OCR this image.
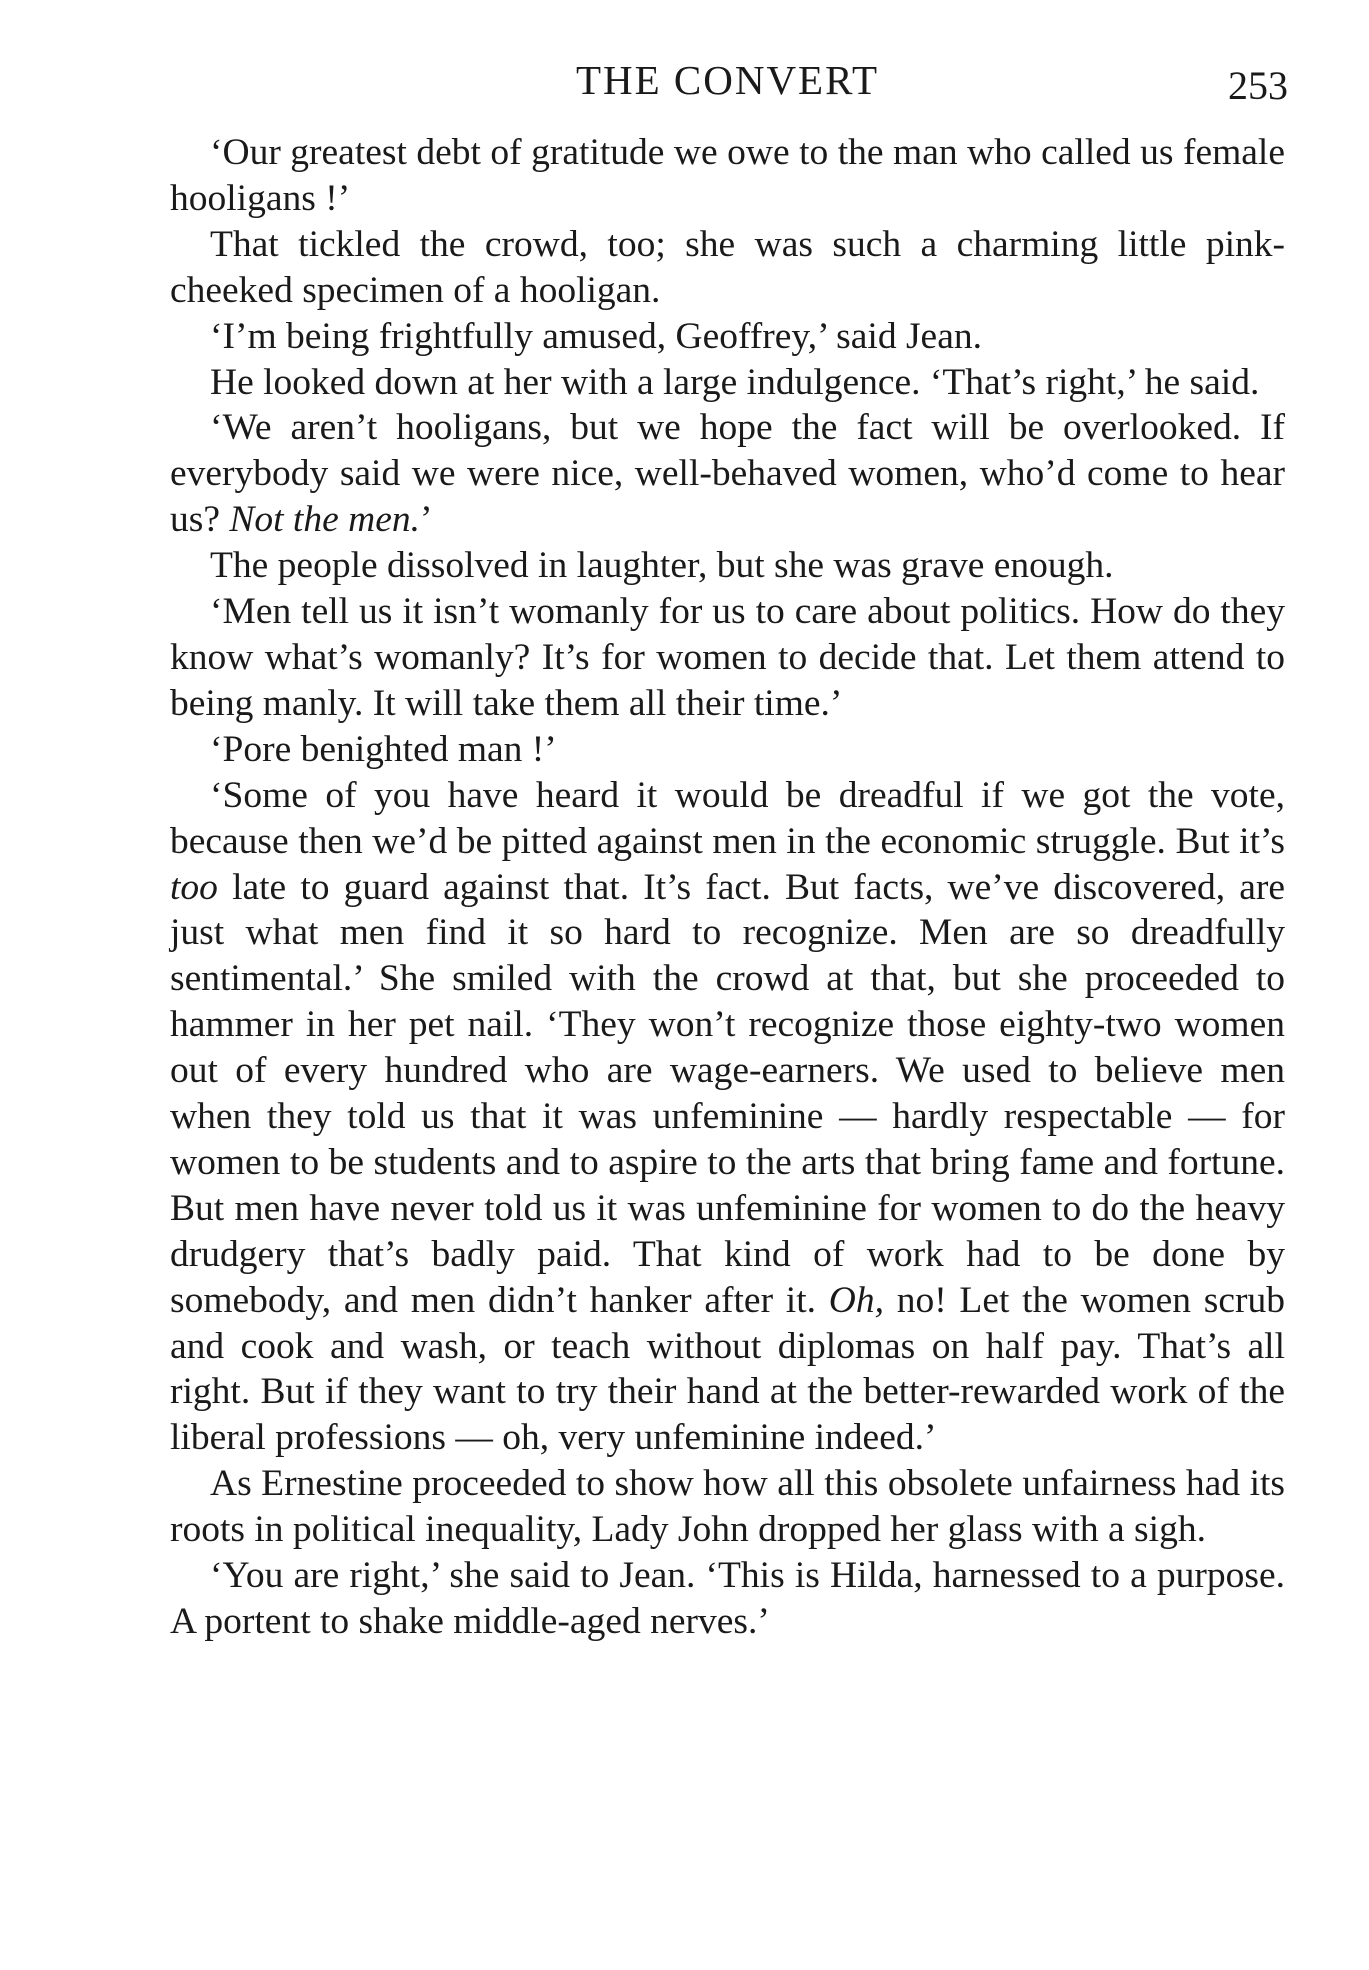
THE CONVERT	253

‘Our greatest debt of gratitude we owe to the man who called us female hooligans !’

That tickled the crowd, too; she was such a charming little pink-cheeked specimen of a hooligan.

‘I’m being frightfully amused, Geoffrey,’ said Jean.

He looked down at her with a large indulgence. ‘That’s right,’ he said.

‘We aren’t hooligans, but we hope the fact will be overlooked. If everybody said we were nice, well-behaved women, who’d come to hear us? Not the men.’

The people dissolved in laughter, but she was grave enough.

‘Men tell us it isn’t womanly for us to care about politics. How do they know what’s womanly? It’s for women to decide that. Let them attend to being manly. It will take them all their time.’

‘Pore benighted man !’

‘Some of you have heard it would be dreadful if we got the vote, because then we’d be pitted against men in the economic struggle. But it’s too late to guard against that. It’s fact. But facts, we’ve discovered, are just what men find it so hard to recognize. Men are so dreadfully sentimental.’ She smiled with the crowd at that, but she proceeded to hammer in her pet nail. ‘They won’t recognize those eighty-two women out of every hundred who are wage-earners. We used to believe men when they told us that it was unfeminine — hardly respectable — for women to be students and to aspire to the arts that bring fame and fortune. But men have never told us it was unfeminine for women to do the heavy drudgery that’s badly paid. That kind of work had to be done by somebody, and men didn’t hanker after it. Oh, no! Let the women scrub and cook and wash, or teach without diplomas on half pay. That’s all right. But if they want to try their hand at the better-rewarded work of the liberal professions — oh, very unfeminine indeed.’

As Ernestine proceeded to show how all this obsolete unfairness had its roots in political inequality, Lady John dropped her glass with a sigh.

‘You are right,’ she said to Jean. ‘This is Hilda, harnessed to a purpose. A portent to shake middle-aged nerves.’
